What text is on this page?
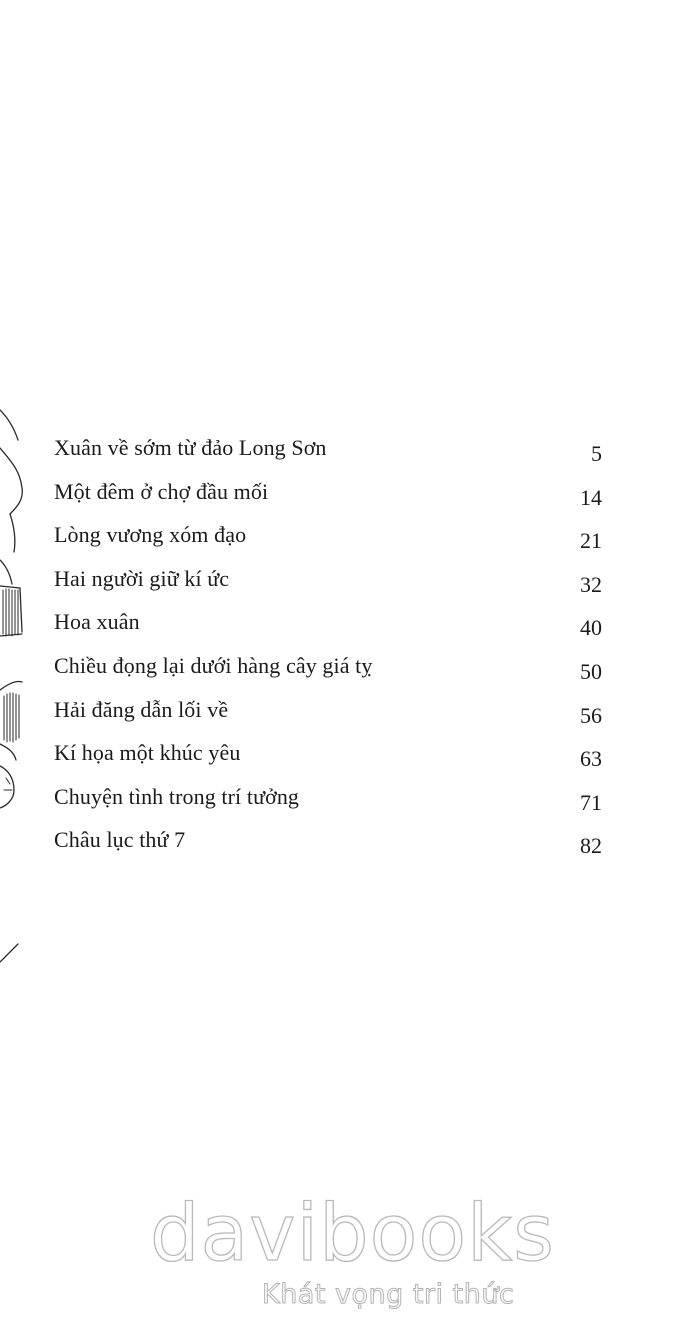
Xuân về sớm từ đảo Long Sơn	5
Một đêm ở chợ đầu mối	14
Lòng vương xóm đạo	21
Hai người giữ kí ức	32
Hoa xuân	40
Chiều đọng lại dưới hàng cây giá tỵ	50
Hải đăng dẫn lối về	56
Kí họa một khúc yêu	63
Chuyện tình trong trí tưởng	71
Châu lục thứ 7	82
davibooks
Khát vọng tri thức
